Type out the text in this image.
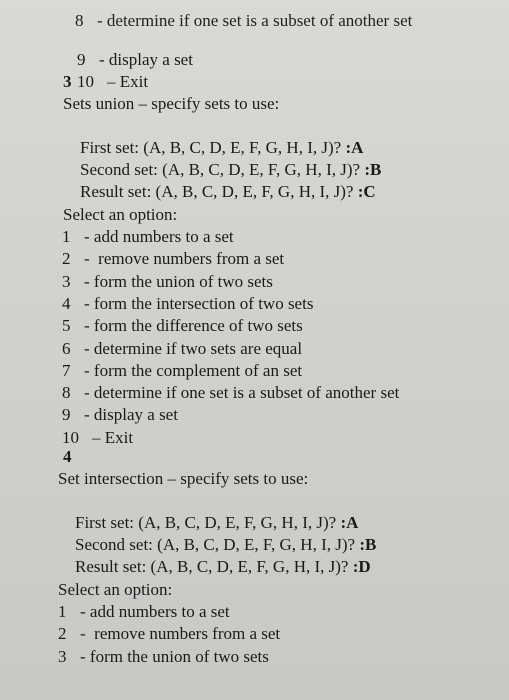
8 - determine if one set is a subset of another set

9 - display a set

10 – Exit

3
Sets union – specify sets to use:

First set: (A, B, C, D, E, F, G, H, I, J)? :A

Second set: (A, B, C, D, E, F, G, H, I, J)? :B

Result set: (A, B, C, D, E, F, G, H, I, J)? :C

Select an option:
1 - add numbers to a set
2 -  remove numbers from a set
3 - form the union of two sets
4 - form the intersection of two sets
5 - form the difference of two sets
6 - determine if two sets are equal
7 - form the complement of an set
8 - determine if one set is a subset of another set
9 - display a set
10 – Exit
4
Set intersection – specify sets to use:

First set: (A, B, C, D, E, F, G, H, I, J)? :A

Second set: (A, B, C, D, E, F, G, H, I, J)? :B

Result set: (A, B, C, D, E, F, G, H, I, J)? :D

Select an option:
1 - add numbers to a set
2 -  remove numbers from a set
3 - form the union of two sets
